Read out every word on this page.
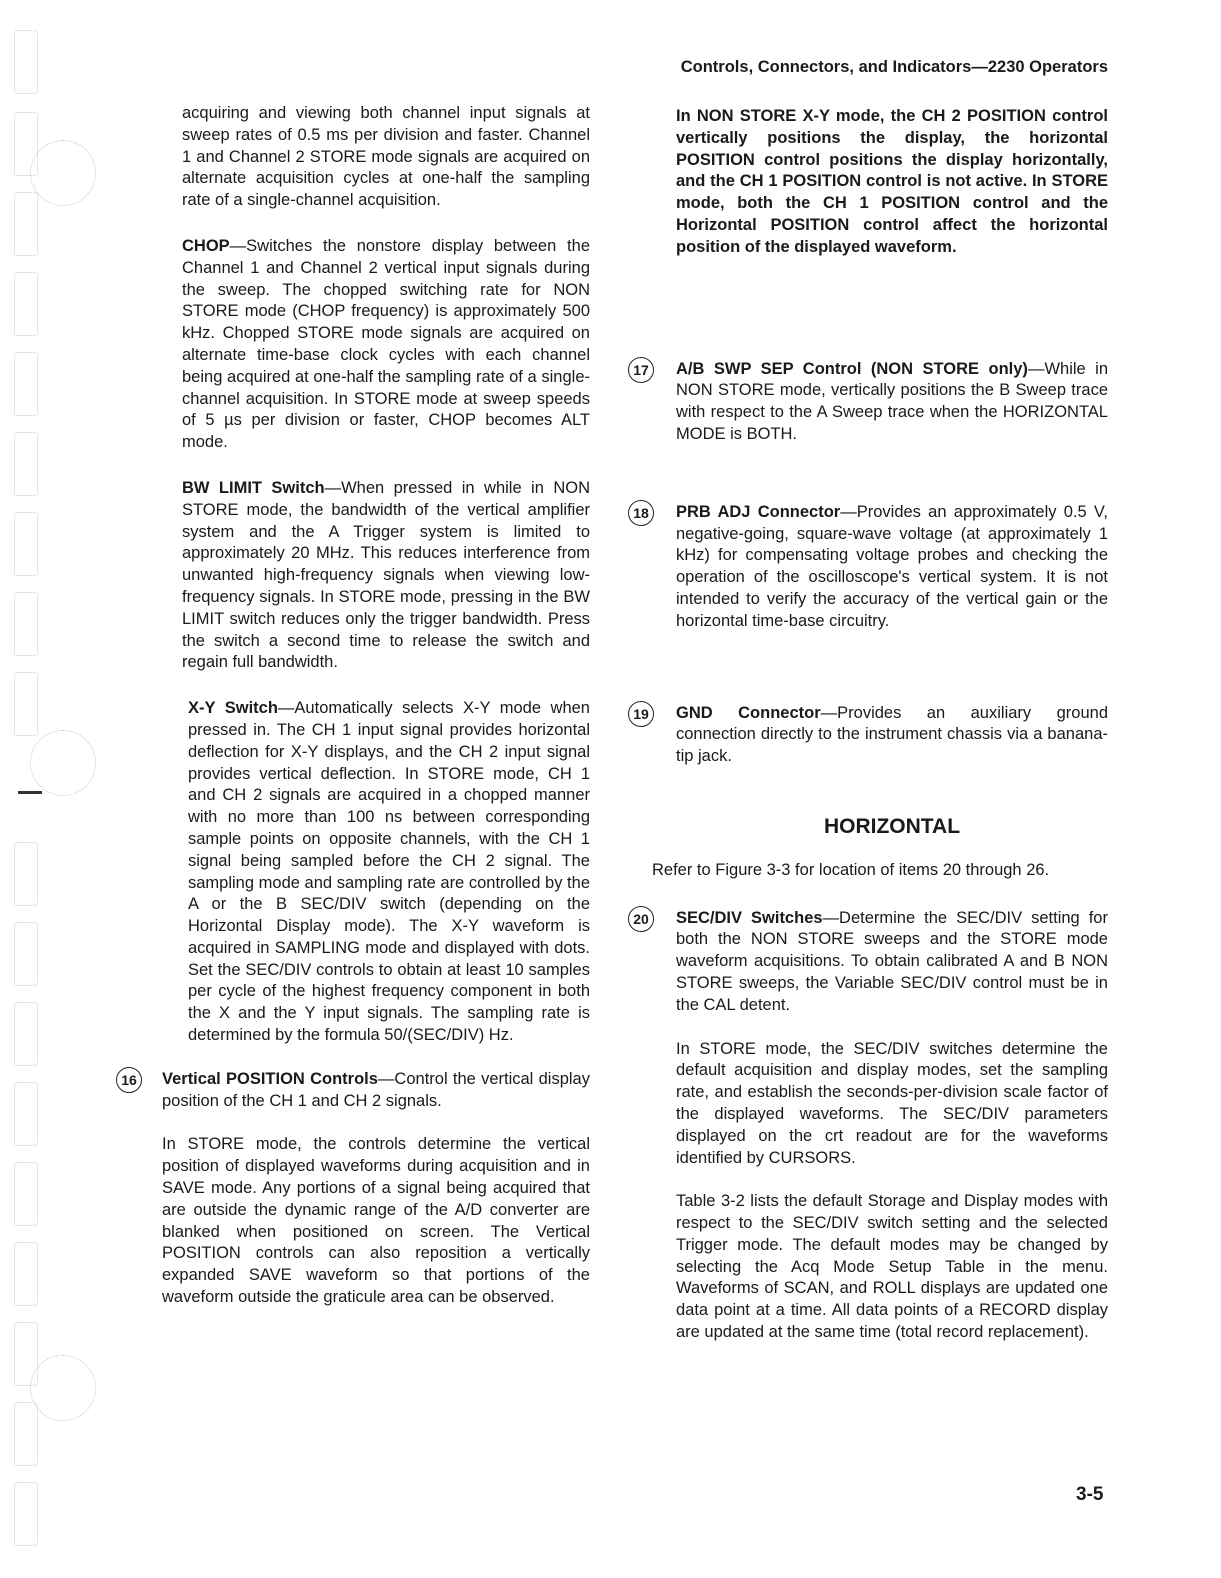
Controls, Connectors, and Indicators—2230 Operators

acquiring and viewing both channel input signals at sweep rates of 0.5 ms per division and faster. Channel 1 and Channel 2 STORE mode signals are acquired on alternate acquisition cycles at one-half the sampling rate of a single-channel acquisition.

CHOP—Switches the nonstore display between the Channel 1 and Channel 2 vertical input signals during the sweep. The chopped switching rate for NON STORE mode (CHOP frequency) is approximately 500 kHz. Chopped STORE mode signals are acquired on alternate time-base clock cycles with each channel being acquired at one-half the sampling rate of a single-channel acquisition. In STORE mode at sweep speeds of 5 µs per division or faster, CHOP becomes ALT mode.

BW LIMIT Switch—When pressed in while in NON STORE mode, the bandwidth of the vertical amplifier system and the A Trigger system is limited to approximately 20 MHz. This reduces interference from unwanted high-frequency signals when viewing low-frequency signals. In STORE mode, pressing in the BW LIMIT switch reduces only the trigger bandwidth. Press the switch a second time to release the switch and regain full bandwidth.

X-Y Switch—Automatically selects X-Y mode when pressed in. The CH 1 input signal provides horizontal deflection for X-Y displays, and the CH 2 input signal provides vertical deflection. In STORE mode, CH 1 and CH 2 signals are acquired in a chopped manner with no more than 100 ns between corresponding sample points on opposite channels, with the CH 1 signal being sampled before the CH 2 signal. The sampling mode and sampling rate are controlled by the A or the B SEC/DIV switch (depending on the Horizontal Display mode). The X-Y waveform is acquired in SAMPLING mode and displayed with dots. Set the SEC/DIV controls to obtain at least 10 samples per cycle of the highest frequency component in both the X and the Y input signals. The sampling rate is determined by the formula 50/(SEC/DIV) Hz.

16	Vertical POSITION Controls—Control the vertical display position of the CH 1 and CH 2 signals.

In STORE mode, the controls determine the vertical position of displayed waveforms during acquisition and in SAVE mode. Any portions of a signal being acquired that are outside the dynamic range of the A/D converter are blanked when positioned on screen. The Vertical POSITION controls can also reposition a vertically expanded SAVE waveform so that portions of the waveform outside the graticule area can be observed.

In NON STORE X-Y mode, the CH 2 POSITION control vertically positions the display, the horizontal POSITION control positions the display horizontally, and the CH 1 POSITION control is not active. In STORE mode, both the CH 1 POSITION control and the Horizontal POSITION control affect the horizontal position of the displayed waveform.

17	A/B SWP SEP Control (NON STORE only)—While in NON STORE mode, vertically positions the B Sweep trace with respect to the A Sweep trace when the HORIZONTAL MODE is BOTH.

18	PRB ADJ Connector—Provides an approximately 0.5 V, negative-going, square-wave voltage (at approximately 1 kHz) for compensating voltage probes and checking the operation of the oscilloscope's vertical system. It is not intended to verify the accuracy of the vertical gain or the horizontal time-base circuitry.

19	GND Connector—Provides an auxiliary ground connection directly to the instrument chassis via a banana-tip jack.

HORIZONTAL

Refer to Figure 3-3 for location of items 20 through 26.

20	SEC/DIV Switches—Determine the SEC/DIV setting for both the NON STORE sweeps and the STORE mode waveform acquisitions. To obtain calibrated A and B NON STORE sweeps, the Variable SEC/DIV control must be in the CAL detent.

In STORE mode, the SEC/DIV switches determine the default acquisition and display modes, set the sampling rate, and establish the seconds-per-division scale factor of the displayed waveforms. The SEC/DIV parameters displayed on the crt readout are for the waveforms identified by CURSORS.

Table 3-2 lists the default Storage and Display modes with respect to the SEC/DIV switch setting and the selected Trigger mode. The default modes may be changed by selecting the Acq Mode Setup Table in the menu. Waveforms of SCAN, and ROLL displays are updated one data point at a time. All data points of a RECORD display are updated at the same time (total record replacement).

3-5
